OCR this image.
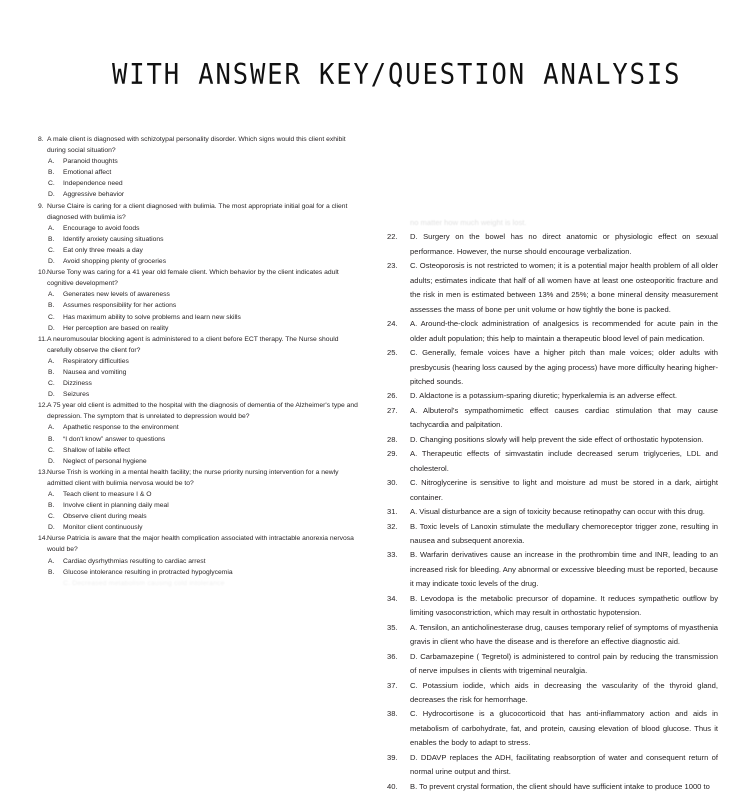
WITH ANSWER KEY/QUESTION ANALYSIS
8. A male client is diagnosed with schizotypal personality disorder. Which signs would this client exhibit during social situation?
A. Paranoid thoughts
B. Emotional affect
C. Independence need
D. Aggressive behavior
9. Nurse Claire is caring for a client diagnosed with bulimia. The most appropriate initial goal for a client diagnosed with bulimia is?
A. Encourage to avoid foods
B. Identify anxiety causing situations
C. Eat only three meals a day
D. Avoid shopping plenty of groceries
10.Nurse Tony was caring for a 41 year old female client. Which behavior by the client indicates adult cognitive development?
A. Generates new levels of awareness
B. Assumes responsibility for her actions
C. Has maximum ability to solve problems and learn new skills
D. Her perception are based on reality
11.A neuromusoular blocking agent is administered to a client before ECT therapy. The Nurse should carefully observe the client for?
A. Respiratory difficulties
B. Nausea and vomiting
C. Dizziness
D. Seizures
12.A 75 year old client is admitted to the hospital with the diagnosis of dementia of the Alzheimer's type and depression. The symptom that is unrelated to depression would be?
A. Apathetic response to the environment
B. “I don't know” answer to questions
C. Shallow of labile effect
D. Neglect of personal hygiene
13.Nurse Trish is working in a mental health facility; the nurse priority nursing intervention for a newly admitted client with bulimia nervosa would be to?
A. Teach client to measure I & O
B. Involve client in planning daily meal
C. Observe client during meals
D. Monitor client continuously
14.Nurse Patricia is aware that the major health complication associated with intractable anorexia nervosa would be?
A. Cardiac dysrhythmias resulting to cardiac arrest
B. Glucose intolerance resulting in protracted hypoglycemia
C. Decreased metabolism causing cold intolerance
no matter how much weight is lost.
22. D. Surgery on the bowel has no direct anatomic or physiologic effect on sexual performance. However, the nurse should encourage verbalization.
23. C. Osteoporosis is not restricted to women; it is a potential major health problem of all older adults; estimates indicate that half of all women have at least one osteoporitic fracture and the risk in men is estimated between 13% and 25%; a bone mineral density measurement assesses the mass of bone per unit volume or how tightly the bone is packed.
24. A. Around-the-clock administration of analgesics is recommended for acute pain in the older adult population; this help to maintain a therapeutic blood level of pain medication.
25. C. Generally, female voices have a higher pitch than male voices; older adults with presbycusis (hearing loss caused by the aging process) have more difficulty hearing higher-pitched sounds.
26. D. Aldactone is a potassium-sparing diuretic; hyperkalemia is an adverse effect.
27. A. Albuterol's sympathomimetic effect causes cardiac stimulation that may cause tachycardia and palpitation.
28. D. Changing positions slowly will help prevent the side effect of orthostatic hypotension.
29. A. Therapeutic effects of simvastatin include decreased serum triglyceries, LDL and cholesterol.
30. C. Nitroglycerine is sensitive to light and moisture ad must be stored in a dark, airtight container.
31. A. Visual disturbance are a sign of toxicity because retinopathy can occur with this drug.
32. B. Toxic levels of Lanoxin stimulate the medullary chemoreceptor trigger zone, resulting in nausea and subsequent anorexia.
33. B. Warfarin derivatives cause an increase in the prothrombin time and INR, leading to an increased risk for bleeding. Any abnormal or excessive bleeding must be reported, because it may indicate toxic levels of the drug.
34. B. Levodopa is the metabolic precursor of dopamine. It reduces sympathetic outflow by limiting vasoconstriction, which may result in orthostatic hypotension.
35. A. Tensilon, an anticholinesterase drug, causes temporary relief of symptoms of myasthenia gravis in client who have the disease and is therefore an effective diagnostic aid.
36. D. Carbamazepine ( Tegretol) is administered to control pain by reducing the transmission of nerve impulses in clients with trigeminal neuralgia.
37. C. Potassium iodide, which aids in decreasing the vascularity of the thyroid gland, decreases the risk for hemorrhage.
38. C. Hydrocortisone is a glucocorticoid that has anti-inflammatory action and aids in metabolism of carbohydrate, fat, and protein, causing elevation of blood glucose. Thus it enables the body to adapt to stress.
39. D. DDAVP replaces the ADH, facilitating reabsorption of water and consequent return of normal urine output and thirst.
40. B. To prevent crystal formation, the client should have sufficient intake to produce 1000 to
